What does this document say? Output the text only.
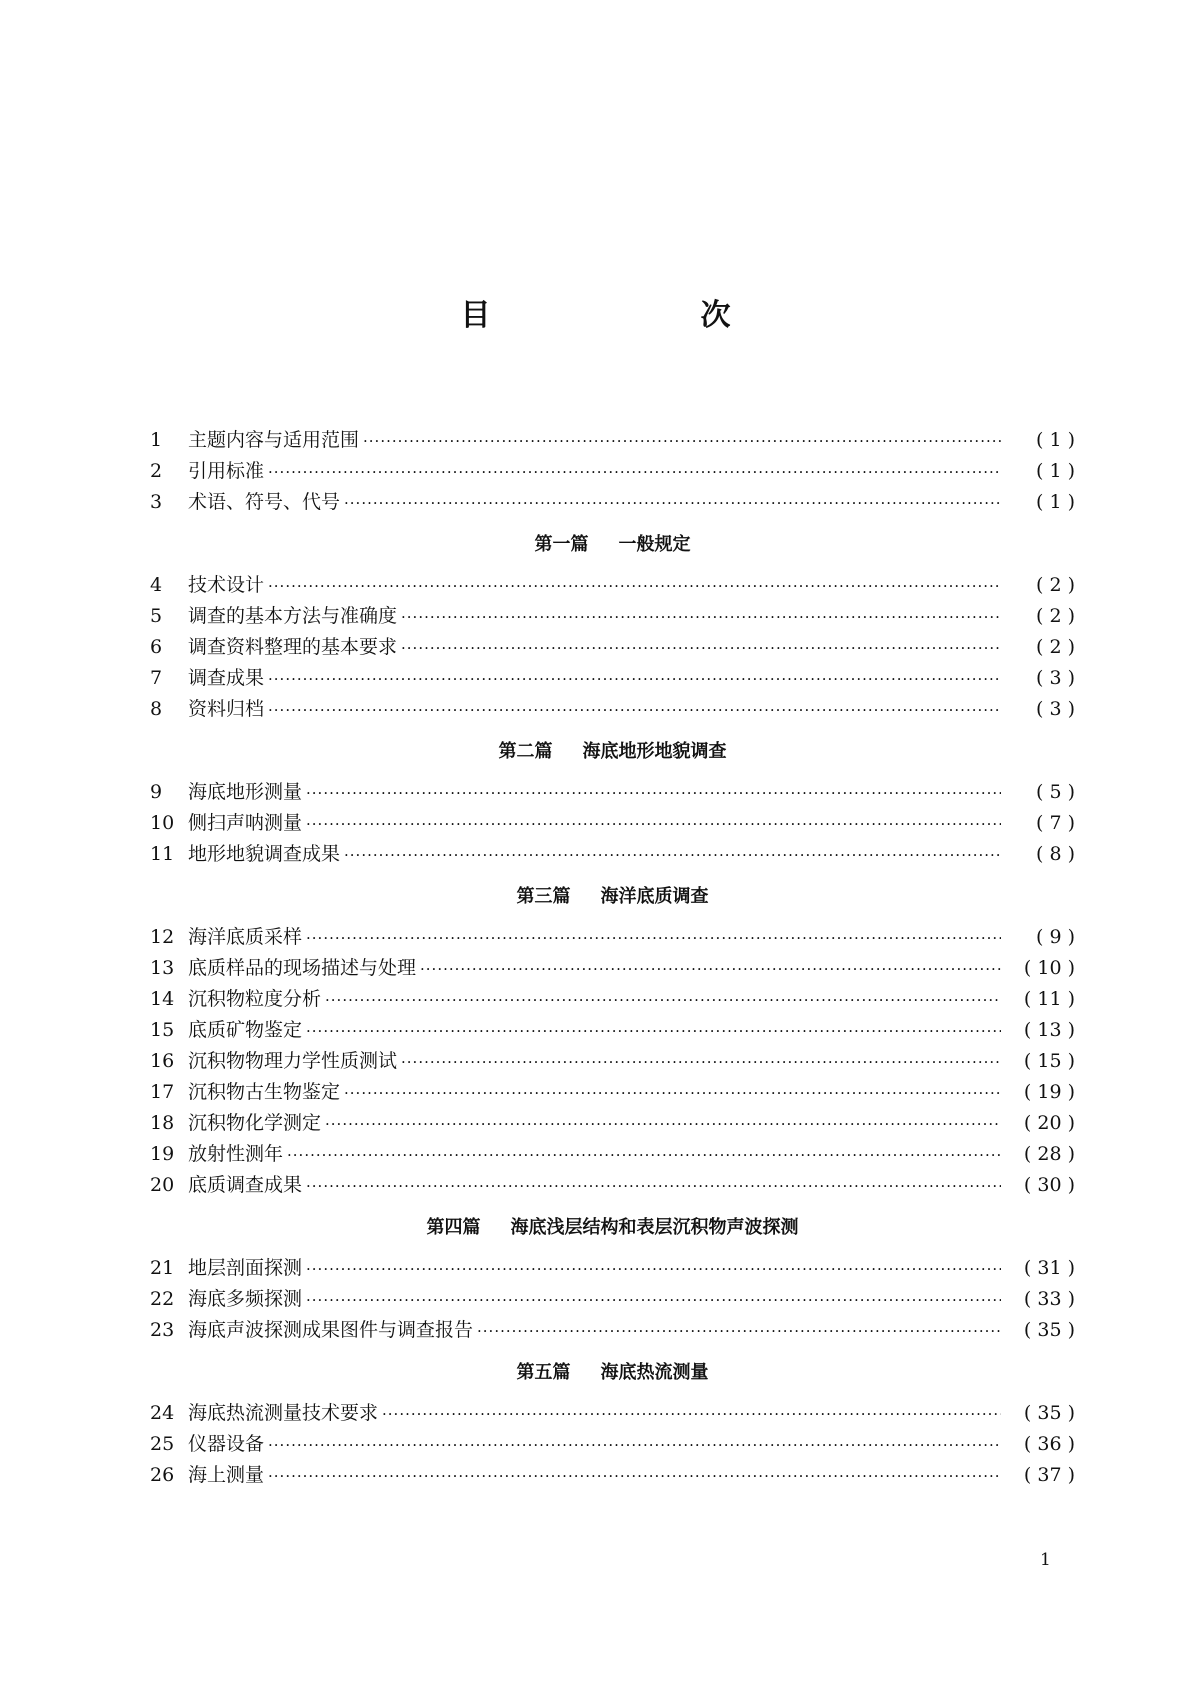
目　次
1	主题内容与适用范围 ·····	( 1 )
2	引用标准 ·····	( 1 )
3	术语、符号、代号 ·····	( 1 )
第一篇 一般规定
4	技术设计 ·····	( 2 )
5	调查的基本方法与准确度 ·····	( 2 )
6	调查资料整理的基本要求 ·····	( 2 )
7	调查成果 ·····	( 3 )
8	资料归档 ·····	( 3 )
第二篇 海底地形地貌调查
9	海底地形测量 ·····	( 5 )
10 侧扫声呐测量 ·····	( 7 )
11 地形地貌调查成果 ·····	( 8 )
第三篇 海洋底质调查
12 海洋底质采样 ·····	( 9 )
13 底质样品的现场描述与处理 ·····	( 10 )
14 沉积物粒度分析 ·····	( 11 )
15 底质矿物鉴定 ·····	( 13 )
16 沉积物物理力学性质测试 ·····	( 15 )
17 沉积物古生物鉴定 ·····	( 19 )
18 沉积物化学测定 ·····	( 20 )
19 放射性测年 ·····	( 28 )
20 底质调查成果 ·····	( 30 )
第四篇 海底浅层结构和表层沉积物声波探测
21 地层剖面探测 ·····	( 31 )
22 海底多频探测 ·····	( 33 )
23 海底声波探测成果图件与调查报告 ·····	( 35 )
第五篇 海底热流测量
24 海底热流测量技术要求 ·····	( 35 )
25 仪器设备 ·····	( 36 )
26 海上测量 ·····	( 37 )
1
